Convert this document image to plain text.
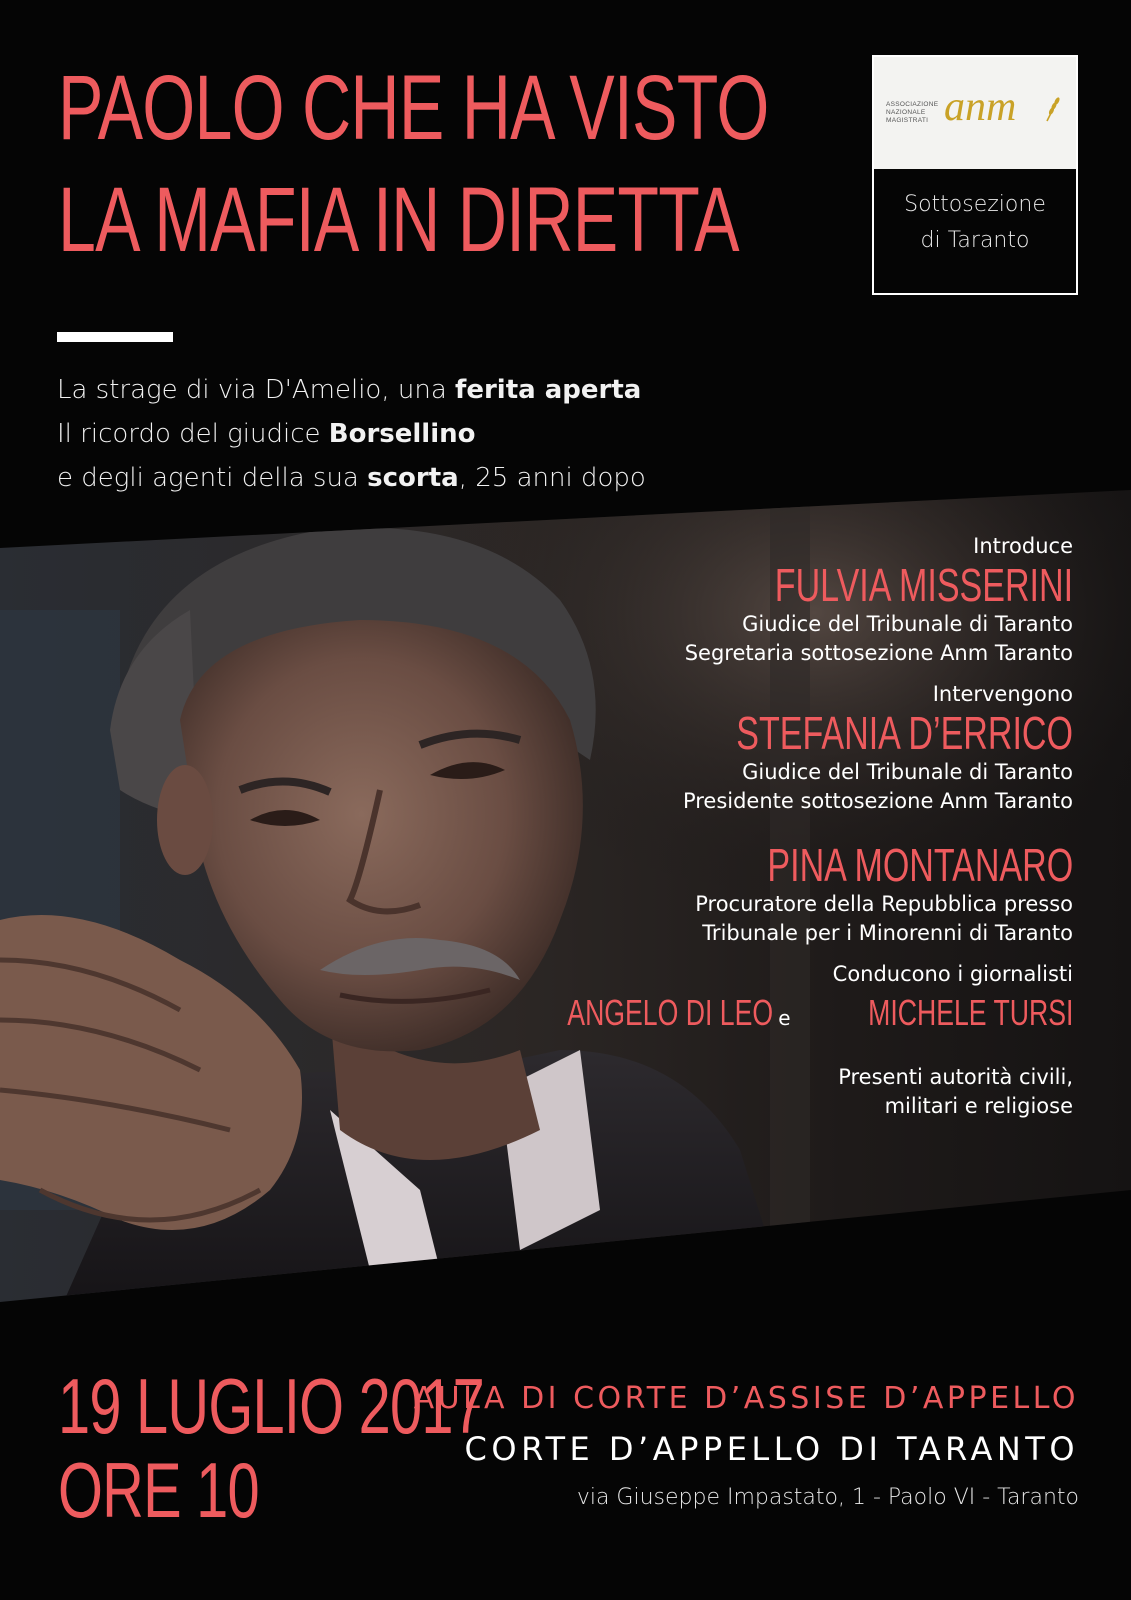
PAOLO CHE HA VISTO
LA MAFIA IN DIRETTA
ASSOCIAZIONE
NAZIONALE
MAGISTRATI anm
Sottosezione
di Taranto
La strage di via D'Amelio, una ferita aperta
Il ricordo del giudice Borsellino
e degli agenti della sua scorta, 25 anni dopo
Introduce
FULVIA MISSERINI
Giudice del Tribunale di Taranto
Segretaria sottosezione Anm Taranto
Intervengono
STEFANIA D’ERRICO
Giudice del Tribunale di Taranto
Presidente sottosezione Anm Taranto
PINA MONTANARO
Procuratore della Repubblica presso
Tribunale per i Minorenni di Taranto
Conducono i giornalisti
ANGELO DI LEO e MICHELE TURSI
Presenti autorità civili,
militari e religiose
19 LUGLIO 2017
ORE 10
AULA DI CORTE D’ASSISE D’APPELLO
CORTE D’APPELLO DI TARANTO
via Giuseppe Impastato, 1 - Paolo VI - Taranto
